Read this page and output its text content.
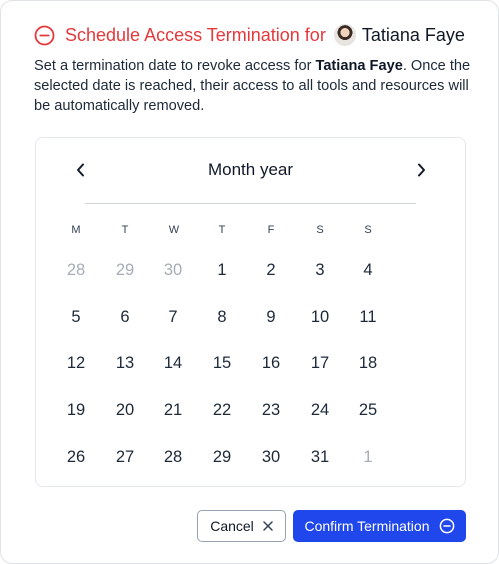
Schedule Access Termination for Tatiana Faye

Set a termination date to revoke access for Tatiana Faye. Once the selected date is reached, their access to all tools and resources will be automatically removed.

Month year
M	T	W	T	F	S	S
28	29	30	1	2	3	4
5	6	7	8	9	10	11
12	13	14	15	16	17	18
19	20	21	22	23	24	25
26	27	28	29	30	31	1
Cancel	Confirm Termination
